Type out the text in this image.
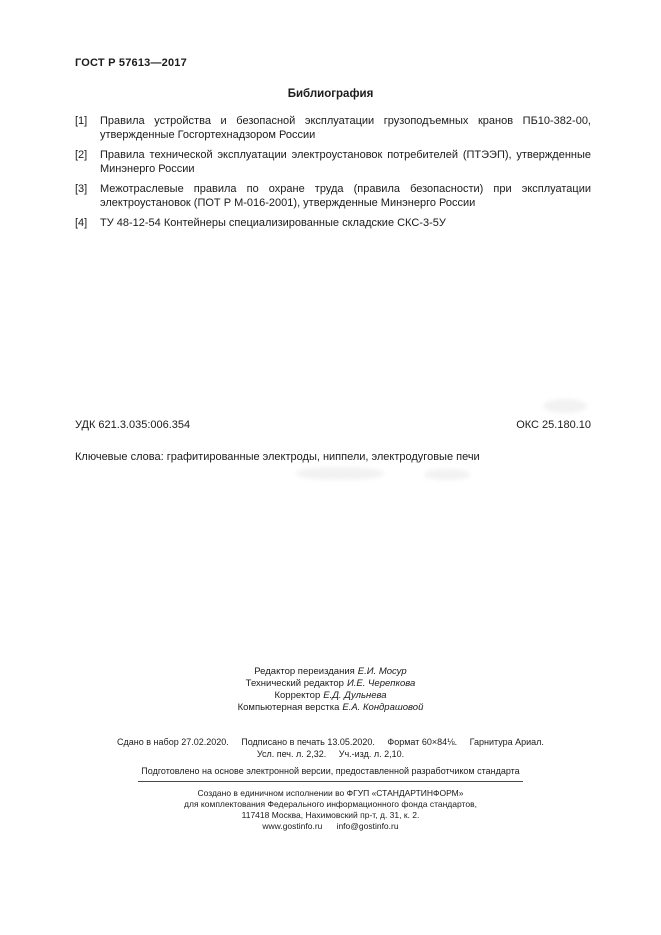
ГОСТ Р 57613—2017
Библиография
[1] Правила устройства и безопасной эксплуатации грузоподъемных кранов ПБ10-382-00, утвержденные Госгортехнадзором России
[2] Правила технической эксплуатации электроустановок потребителей (ПТЭЭП), утвержденные Минэнерго России
[3] Межотраслевые правила по охране труда (правила безопасности) при эксплуатации электроустановок (ПОТ Р М-016-2001), утвержденные Минэнерго России
[4] ТУ 48-12-54 Контейнеры специализированные складские СКС-3-5У
УДК 621.3.035:006.354	ОКС 25.180.10
Ключевые слова: графитированные электроды, ниппели, электродуговые печи
Редактор переиздания Е.И. Мосур
Технический редактор И.Е. Черепкова
Корректор Е.Д. Дульнева
Компьютерная верстка Е.А. Кондрашовой
Сдано в набор 27.02.2020.     Подписано в печать 13.05.2020.     Формат 60×84⅛.     Гарнитура Ариал.
Усл. печ. л. 2,32.     Уч.-изд. л. 2,10.
Подготовлено на основе электронной версии, предоставленной разработчиком стандарта
Создано в единичном исполнении во ФГУП «СТАНДАРТИНФОРМ»
для комплектования Федерального информационного фонда стандартов,
117418 Москва, Нахимовский пр-т, д. 31, к. 2.
www.gostinfo.ru      info@gostinfo.ru
